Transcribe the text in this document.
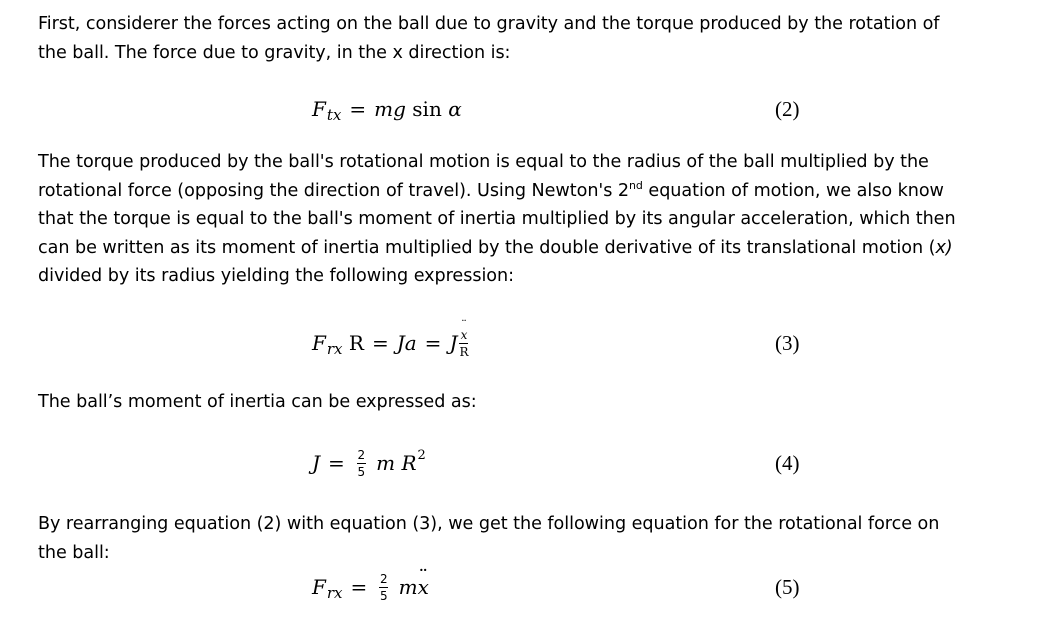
First, considerer the forces acting on the ball due to gravity and the torque produced by the rotation of
the ball. The force due to gravity, in the x direction is:
F tx = m g
sin
α	(2)
The torque produced by the ball's rotational motion is equal to the radius of the ball multiplied by the
rotational force (opposing the direction of travel). Using Newton's 2nd equation of motion, we also know
that the torque is equal to the ball's moment of inertia multiplied by its angular acceleration, which then
can be written as its moment of inertia multiplied by the double derivative of its translational motion (x)
divided by its radius yielding the following expression:
F rx
R = Ja = J $\frac{x ¨}{R}$	(3)
The ball’s moment of inertia can be expressed as:
$J = \frac{2}{5}$
m
R 2	(4)
By rearranging equation (2) with equation (3), we get the following equation for the rotational force on
the ball:
F rx = $\frac{2}{5}$
m x ¨	(5)
